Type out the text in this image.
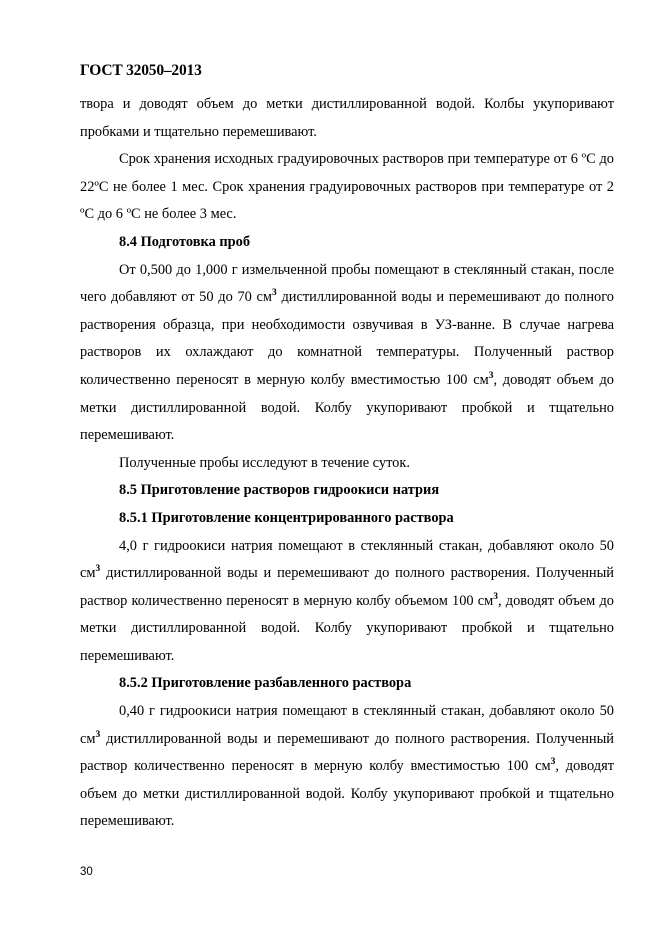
ГОСТ 32050–2013

твора и доводят объем до метки дистиллированной водой. Колбы укупоривают пробками и тщательно перемешивают.

Срок хранения исходных градуировочных растворов при температуре от 6 ºС до 22ºС не более 1 мес. Срок хранения градуировочных растворов при температуре от 2 ºС до 6 ºС не более 3 мес.

8.4 Подготовка проб

От 0,500 до 1,000 г измельченной пробы помещают в стеклянный стакан, после чего добавляют от 50 до 70 $см^3$ дистиллированной воды и перемешивают до полного растворения образца, при необходимости озвучивая в УЗ-ванне. В случае нагрева растворов их охлаждают до комнатной температуры. Полученный раствор количественно переносят в мерную колбу вместимостью 100 $см^3$, доводят объем до метки дистиллированной водой. Колбу укупоривают пробкой и тщательно перемешивают.

Полученные пробы исследуют в течение суток.

8.5 Приготовление растворов гидроокиси натрия

8.5.1 Приготовление концентрированного раствора

4,0 г гидроокиси натрия помещают в стеклянный стакан, добавляют около 50 $см^3$ дистиллированной воды и перемешивают до полного растворения. Полученный раствор количественно переносят в мерную колбу объемом 100 $см^3$, доводят объем до метки дистиллированной водой. Колбу укупоривают пробкой и тщательно перемешивают.

8.5.2 Приготовление разбавленного раствора

0,40 г гидроокиси натрия помещают в стеклянный стакан, добавляют около 50 $см^3$ дистиллированной воды и перемешивают до полного растворения. Полученный раствор количественно переносят в мерную колбу вместимостью 100 $см^3$, доводят объем до метки дистиллированной водой. Колбу укупоривают пробкой и тщательно перемешивают.

30
